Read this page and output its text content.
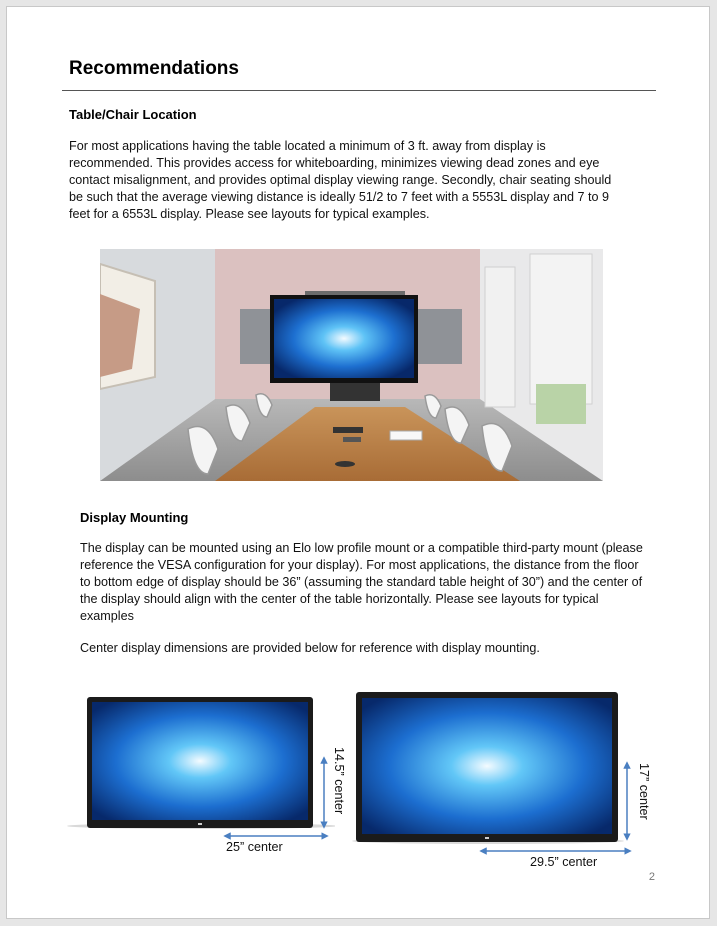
Recommendations
Table/Chair Location
For most applications having the table located a minimum of 3 ft. away from display is recommended. This provides access for whiteboarding, minimizes viewing dead zones and eye contact misalignment, and provides optimal display viewing range. Secondly, chair seating should be such that the average viewing distance is ideally 51/2 to 7 feet with a 5553L display and 7 to 9 feet for a 6553L display. Please see layouts for typical examples.
Display Mounting
The display can be mounted using an Elo low profile mount or a compatible third-party mount (please reference the VESA configuration for your display). For most applications, the distance from the floor to bottom edge of display should be 36” (assuming the standard table height of 30”) and the center of the display should align with the center of the table horizontally. Please see layouts for typical examples
Center display dimensions are provided below for reference with display mounting.
25” center
14.5” center
29.5” center
17” center
2
